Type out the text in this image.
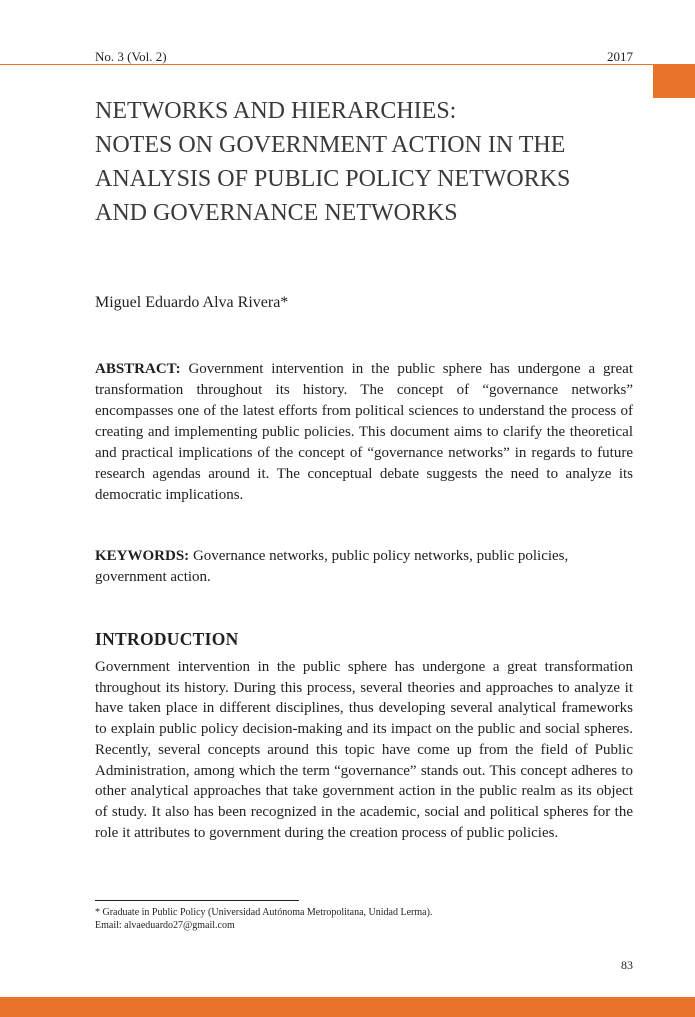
No. 3 (Vol. 2)	2017
NETWORKS AND HIERARCHIES:
NOTES ON GOVERNMENT ACTION IN THE
ANALYSIS OF PUBLIC POLICY NETWORKS
AND GOVERNANCE NETWORKS
Miguel Eduardo Alva Rivera*

ABSTRACT: Government intervention in the public sphere has undergone a great transformation throughout its history. The concept of “governance networks” encompasses one of the latest efforts from political sciences to understand the process of creating and implementing public policies. This document aims to clarify the theoretical and practical implications of the concept of “governance networks” in regards to future research agendas around it. The conceptual debate suggests the need to analyze its democratic implications.

KEYWORDS: Governance networks, public policy networks, public policies, government action.

INTRODUCTION

Government intervention in the public sphere has undergone a great transformation throughout its history. During this process, several theories and approaches to analyze it have taken place in different disciplines, thus developing several analytical frameworks to explain public policy decision-making and its impact on the public and social spheres. Recently, several concepts around this topic have come up from the field of Public Administration, among which the term “governance” stands out. This concept adheres to other analytical approaches that take government action in the public realm as its object of study. It also has been recognized in the academic, social and political spheres for the role it attributes to government during the creation process of public policies.

* Graduate in Public Policy (Universidad Autónoma Metropolitana, Unidad Lerma).
Email: alvaeduardo27@gmail.com
83
